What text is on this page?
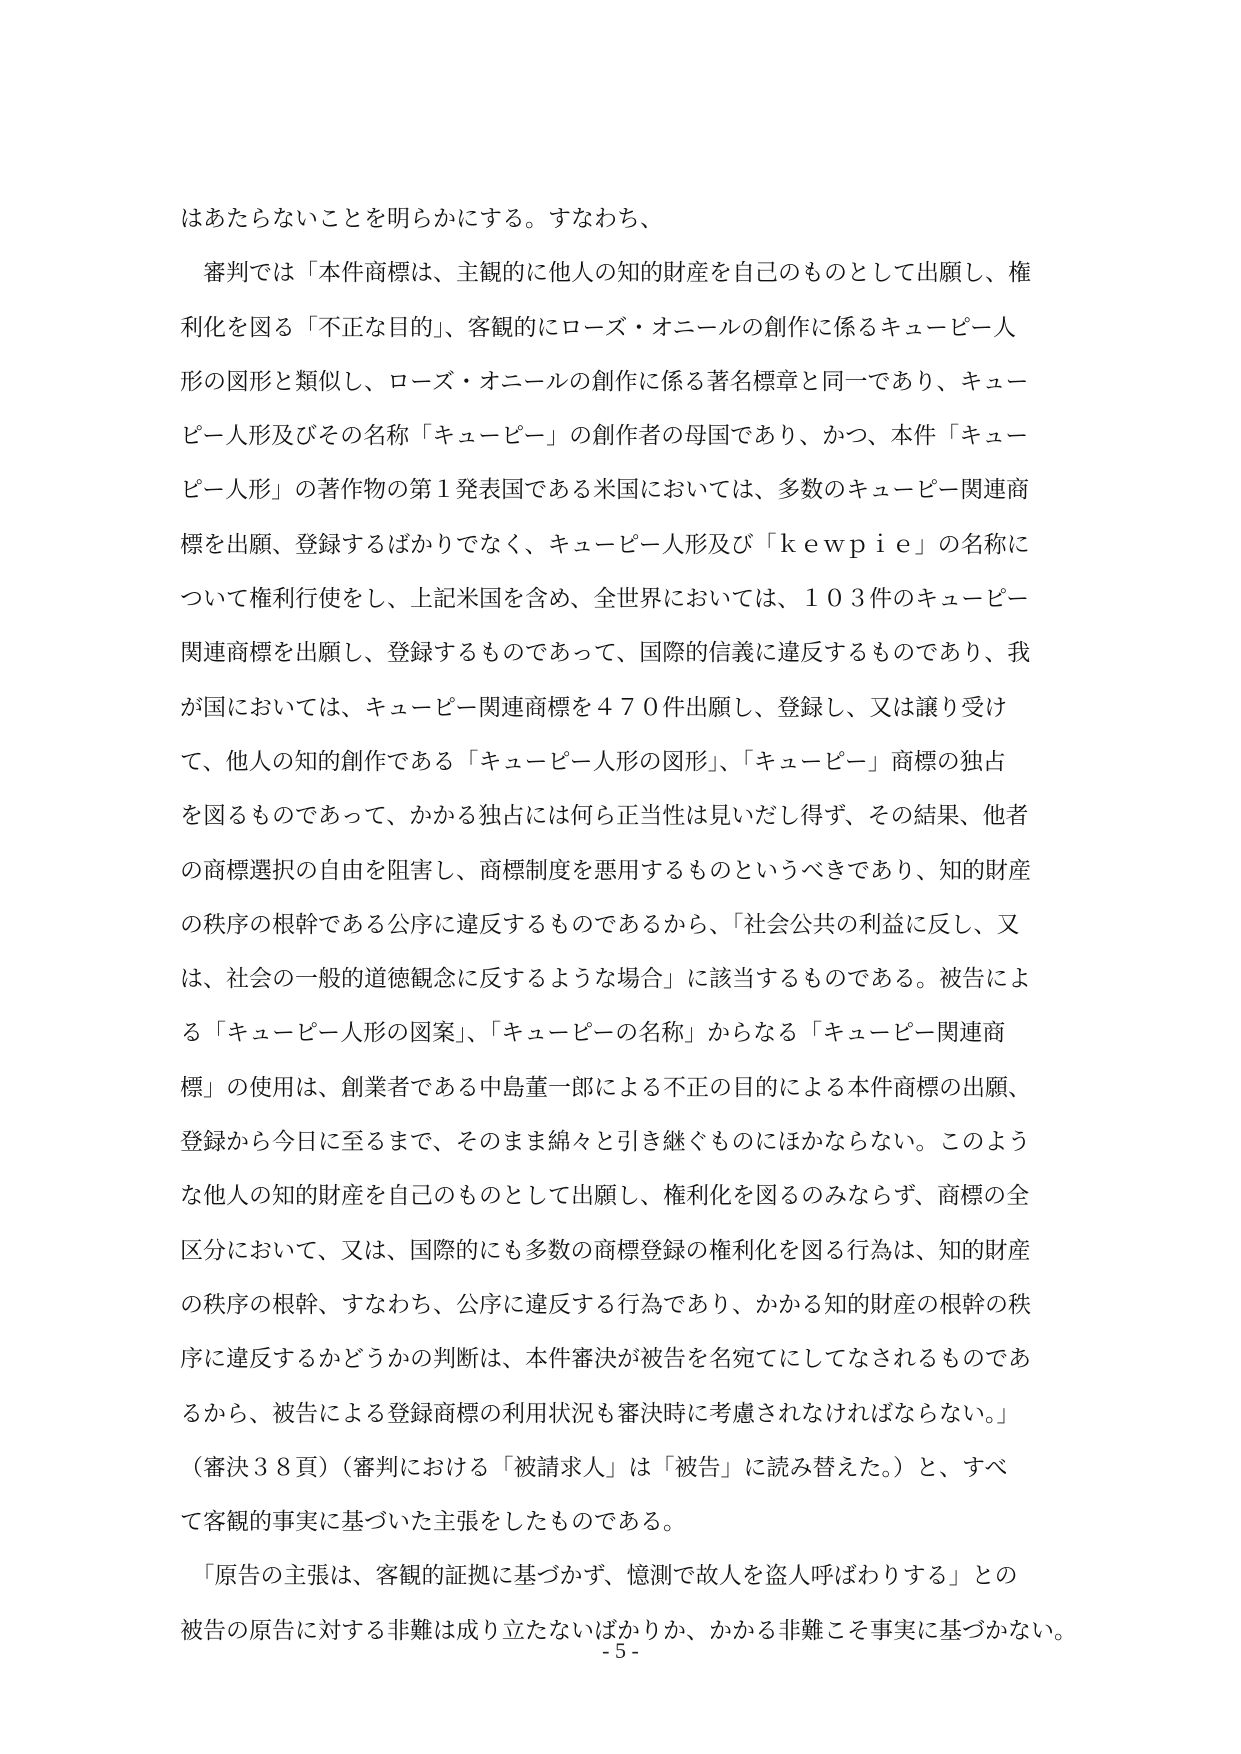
はあたらないことを明らかにする。すなわち、
　審判では「本件商標は、主観的に他人の知的財産を自己のものとして出願し、権
利化を図る「不正な目的」、客観的にローズ・オニールの創作に係るキューピー人
形の図形と類似し、ローズ・オニールの創作に係る著名標章と同一であり、キュー
ピー人形及びその名称「キューピー」の創作者の母国であり、かつ、本件「キュー
ピー人形」の著作物の第１発表国である米国においては、多数のキューピー関連商
標を出願、登録するばかりでなく、キューピー人形及び「ｋｅｗｐｉｅ」の名称に
ついて権利行使をし、上記米国を含め、全世界においては、１０３件のキューピー
関連商標を出願し、登録するものであって、国際的信義に違反するものであり、我
が国においては、キューピー関連商標を４７０件出願し、登録し、又は譲り受け
て、他人の知的創作である「キューピー人形の図形」、「キューピー」商標の独占
を図るものであって、かかる独占には何ら正当性は見いだし得ず、その結果、他者
の商標選択の自由を阻害し、商標制度を悪用するものというべきであり、知的財産
の秩序の根幹である公序に違反するものであるから、「社会公共の利益に反し、又
は、社会の一般的道徳観念に反するような場合」に該当するものである。被告によ
る「キューピー人形の図案」、「キューピーの名称」からなる「キューピー関連商
標」の使用は、創業者である中島董一郎による不正の目的による本件商標の出願、
登録から今日に至るまで、そのまま綿々と引き継ぐものにほかならない。このよう
な他人の知的財産を自己のものとして出願し、権利化を図るのみならず、商標の全
区分において、又は、国際的にも多数の商標登録の権利化を図る行為は、知的財産
の秩序の根幹、すなわち、公序に違反する行為であり、かかる知的財産の根幹の秩
序に違反するかどうかの判断は、本件審決が被告を名宛てにしてなされるものであ
るから、被告による登録商標の利用状況も審決時に考慮されなければならない。」
（審決３８頁）（審判における「被請求人」は「被告」に読み替えた。）と、すべ
て客観的事実に基づいた主張をしたものである。
　「原告の主張は、客観的証拠に基づかず、憶測で故人を盗人呼ばわりする」との
被告の原告に対する非難は成り立たないばかりか、かかる非難こそ事実に基づかない。
- 5 -
